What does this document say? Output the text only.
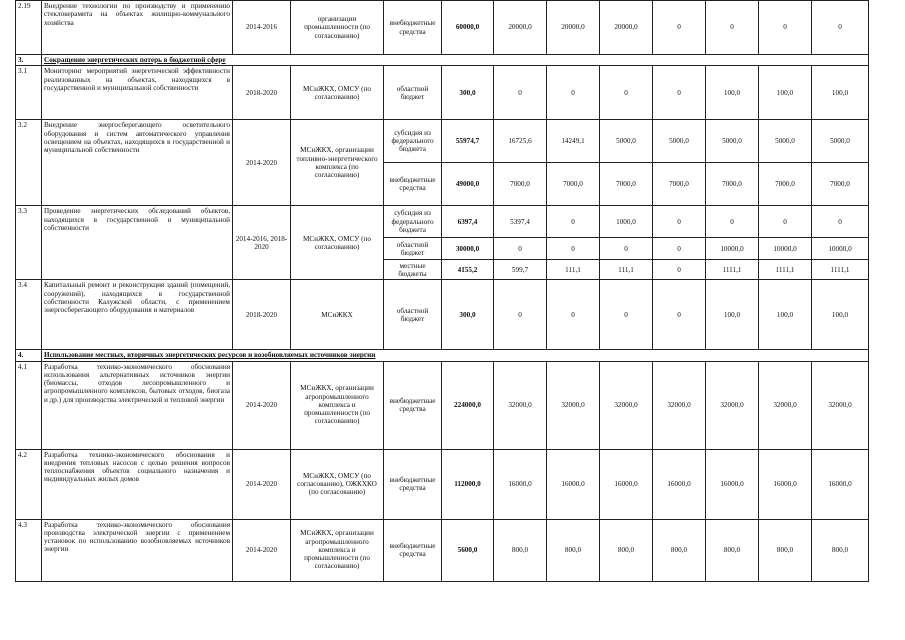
2.19	Внедрение технологии по производству и применению стеклокерамита на объектах жилищно-коммунального хозяйства	2014-2016	организации промышленности (по согласованию)	внебюджетные средства	60000,0	20000,0	20000,0	20000,0	0	0	0	0
3.	Сокращение энергетических потерь в бюджетной сфере											
3.1	Мониторинг мероприятий энергетической эффективности реализованных на объектах, находящихся в государственной и муниципальной собственности	2018-2020	МСиЖКХ, ОМСУ (по согласованию)	областной бюджет	300,0	0	0	0	0	100,0	100,0	100,0
3.2	Внедрение энергосберегающего осветительного оборудования и систем автоматического управления освещением на объектах, находящихся в государственной и муниципальной собственности	2014-2020	МСиЖКХ, организации топливно-энергетического комплекса (по согласованию)	субсидия из федерального бюджета	55974,7	16725,6	14249,1	5000,0	5000,0	5000,0	5000,0	5000,0
				внебюджетные средства	49000,0	7000,0	7000,0	7000,0	7000,0	7000,0	7000,0	7000,0
3.3	Проведение энергетических обследований объектов, находящихся в государственной и муниципальной собственности	2014-2016, 2018-2020	МСиЖКХ, ОМСУ (по согласованию)	субсидия из федерального бюджета	6397,4	5397,4	0	1000,0	0	0	0	0
				областной бюджет	30000,0	0	0	0	0	10000,0	10000,0	10000,0
				местные бюджеты	4155,2	599,7	111,1	111,1	0	1111,1	1111,1	1111,1
3.4	Капитальный ремонт и реконструкция зданий (помещений, сооружений), находящихся в государственной собственности Калужской области, с применением энергосберегающего оборудования и материалов	2018-2020	МСиЖКХ	областной бюджет	300,0	0	0	0	0	100,0	100,0	100,0
4.	Использование местных, вторичных энергетических ресурсов и возобновляемых источников энергии											
4.1	Разработка технико-экономического обоснования использования альтернативных источников энергии (биомассы, отходов лесопромышленного и агропромышленного комплексов, бытовых отходов, биогаза и др.) для производства электрической и тепловой энергии	2014-2020	МСиЖКХ, организации агропромышленного комплекса и промышленности (по согласованию)	внебюджетные средства	224000,0	32000,0	32000,0	32000,0	32000,0	32000,0	32000,0	32000,0
4.2	Разработка технико-экономического обоснования и внедрения тепловых насосов с целью решения вопросов теплоснабжения объектов социального назначения и индивидуальных жилых домов	2014-2020	МСиЖКХ, ОМСУ (по согласованию), ОЖКХКО (по согласованию)	внебюджетные средства	112000,0	16000,0	16000,0	16000,0	16000,0	16000,0	16000,0	16000,0
4.3	Разработка технико-экономического обоснования производства электрической энергии с применением установок по использованию возобновляемых источников энергии	2014-2020	МСиЖКХ, организации агропромышленного комплекса и промышленности (по согласованию)	внебюджетные средства	5600,0	800,0	800,0	800,0	800,0	800,0	800,0	800,0
